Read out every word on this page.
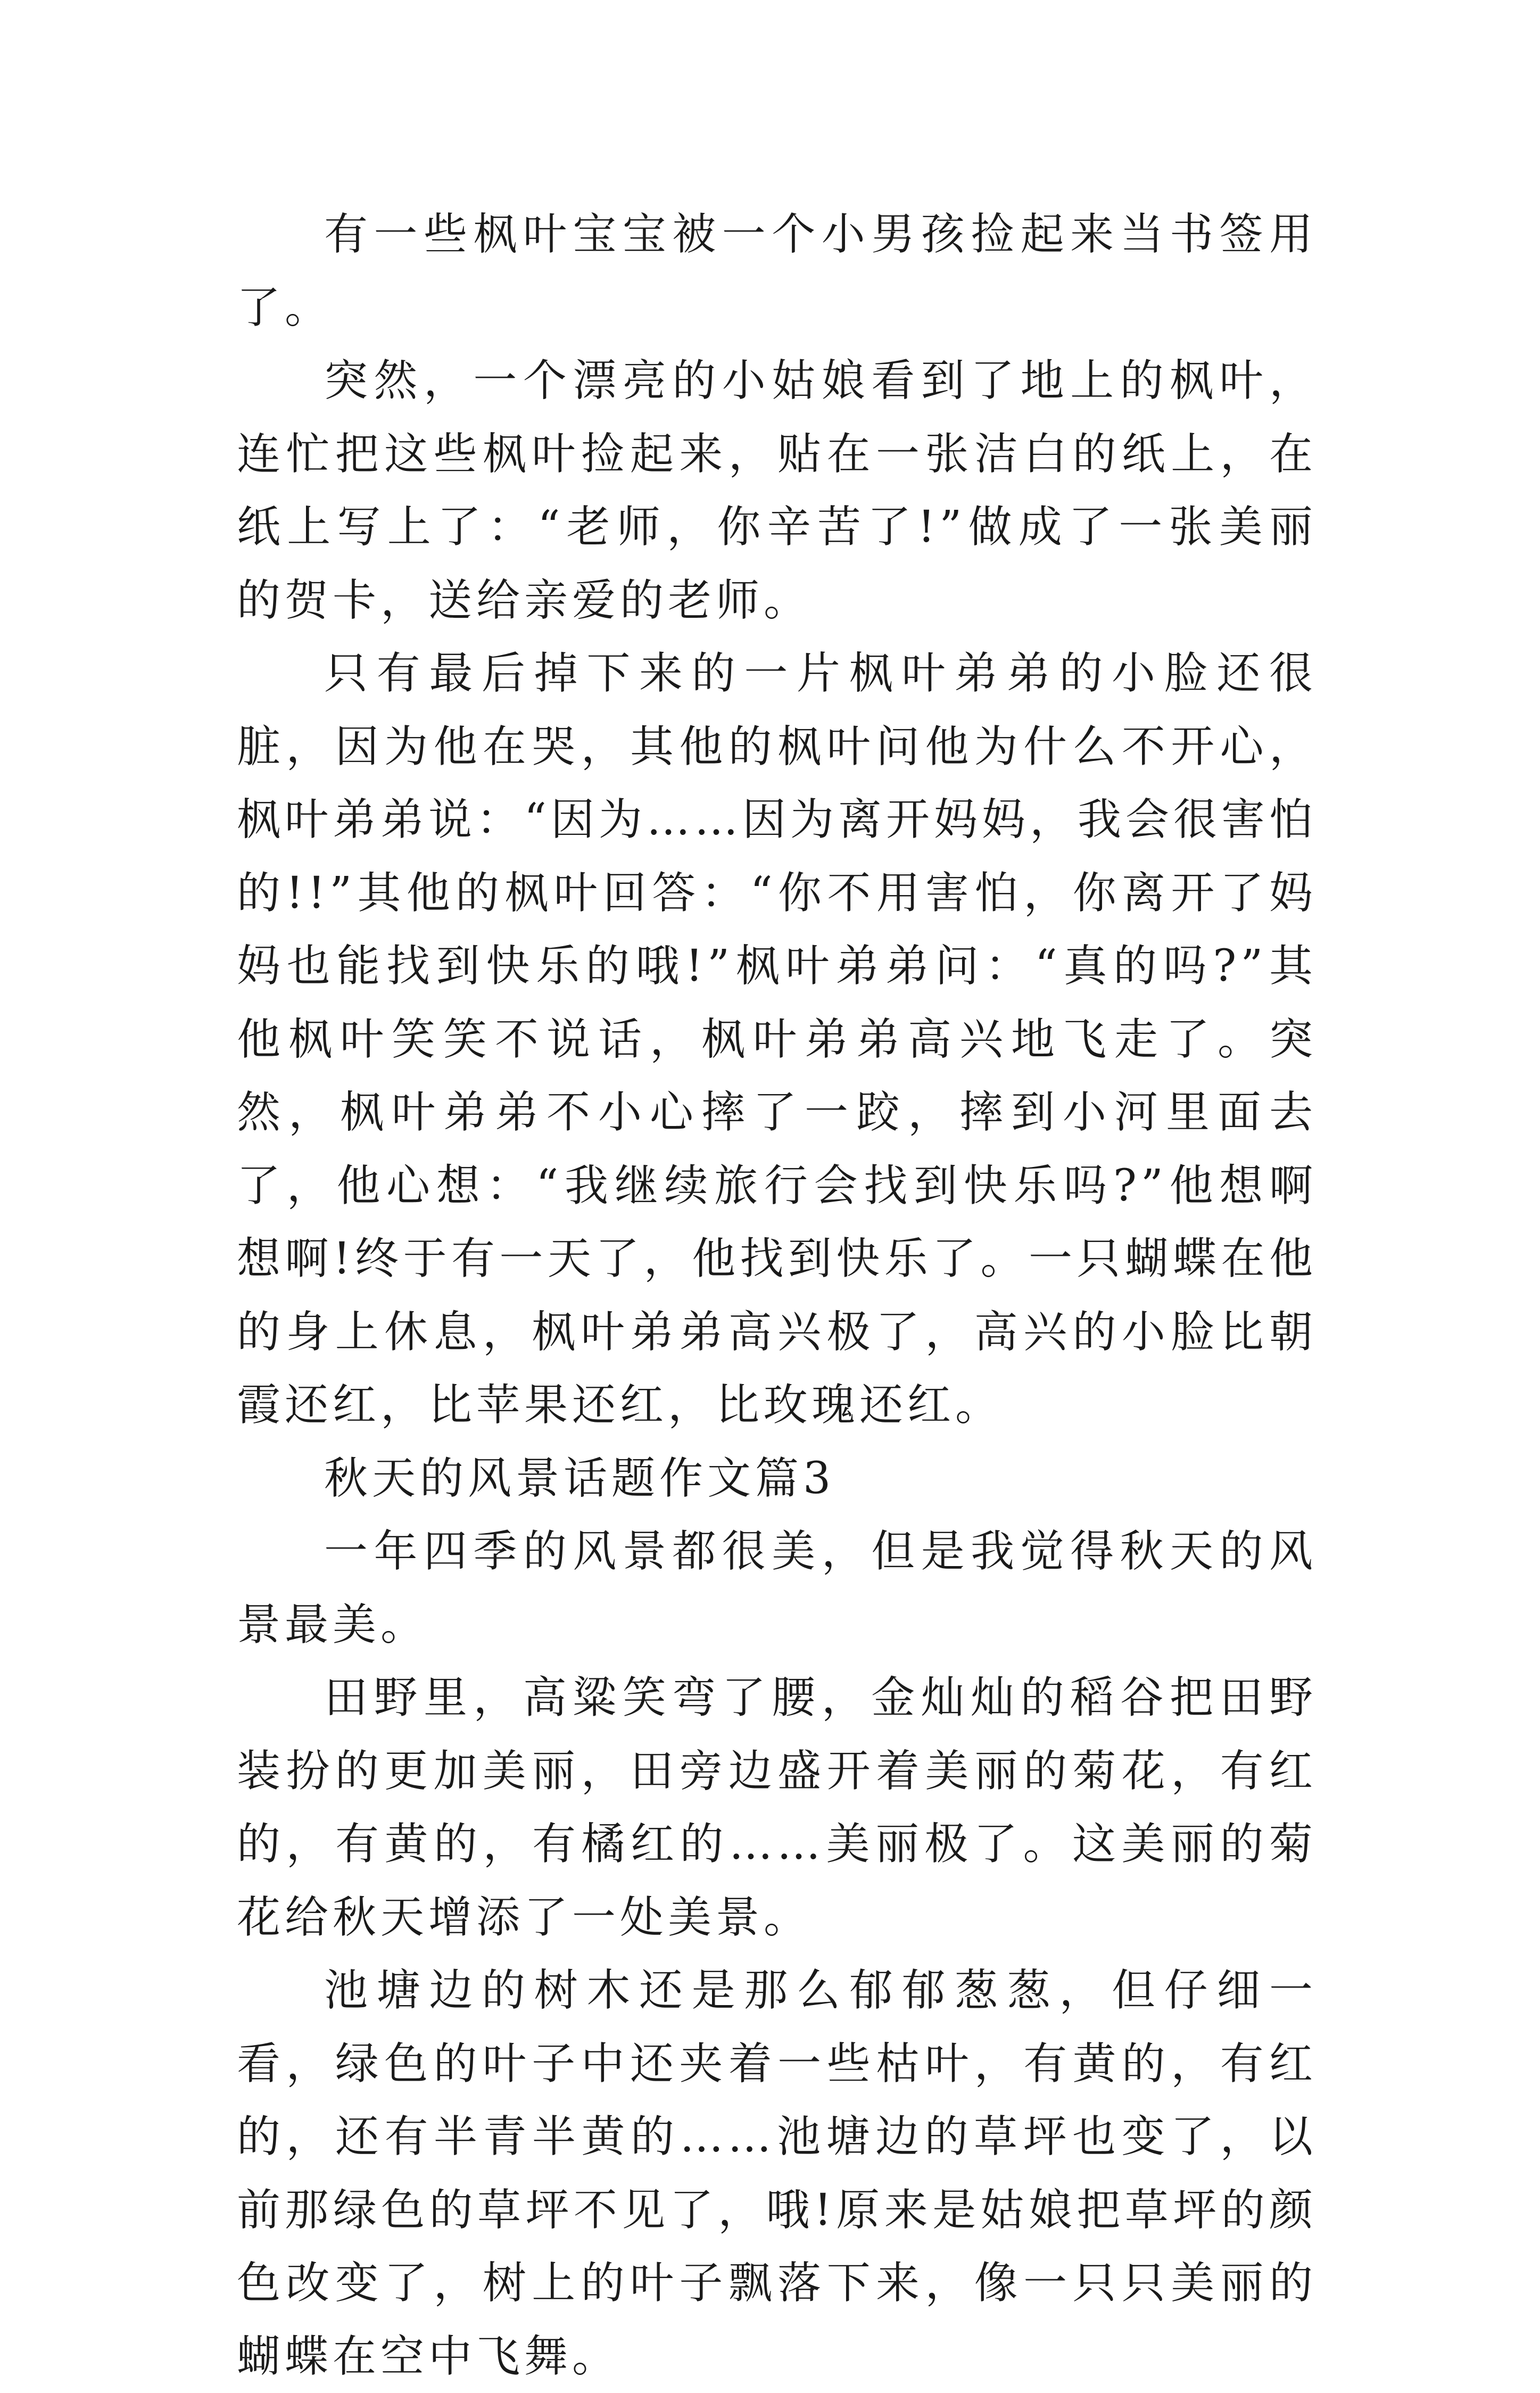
有一些枫叶宝宝被一个小男孩捡起来当书签用了。

突然，一个漂亮的小姑娘看到了地上的枫叶，连忙把这些枫叶捡起来，贴在一张洁白的纸上，在纸上写上了：“老师，你辛苦了!”做成了一张美丽的贺卡，送给亲爱的老师。

只有最后掉下来的一片枫叶弟弟的小脸还很脏，因为他在哭，其他的枫叶问他为什么不开心，枫叶弟弟说：“因为……因为离开妈妈，我会很害怕的!!”其他的枫叶回答：“你不用害怕，你离开了妈妈也能找到快乐的哦!”枫叶弟弟问：“真的吗?”其他枫叶笑笑不说话，枫叶弟弟高兴地飞走了。突然，枫叶弟弟不小心摔了一跤，摔到小河里面去了，他心想：“我继续旅行会找到快乐吗?”他想啊想啊!终于有一天了，他找到快乐了。一只蝴蝶在他的身上休息，枫叶弟弟高兴极了，高兴的小脸比朝霞还红，比苹果还红，比玫瑰还红。

秋天的风景话题作文篇3

一年四季的风景都很美，但是我觉得秋天的风景最美。

田野里，高粱笑弯了腰，金灿灿的稻谷把田野装扮的更加美丽，田旁边盛开着美丽的菊花，有红的，有黄的，有橘红的……美丽极了。这美丽的菊花给秋天增添了一处美景。

池塘边的树木还是那么郁郁葱葱，但仔细一看，绿色的叶子中还夹着一些枯叶，有黄的，有红的，还有半青半黄的……池塘边的草坪也变了，以前那绿色的草坪不见了，哦!原来是姑娘把草坪的颜色改变了，树上的叶子飘落下来，像一只只美丽的蝴蝶在空中飞舞。
